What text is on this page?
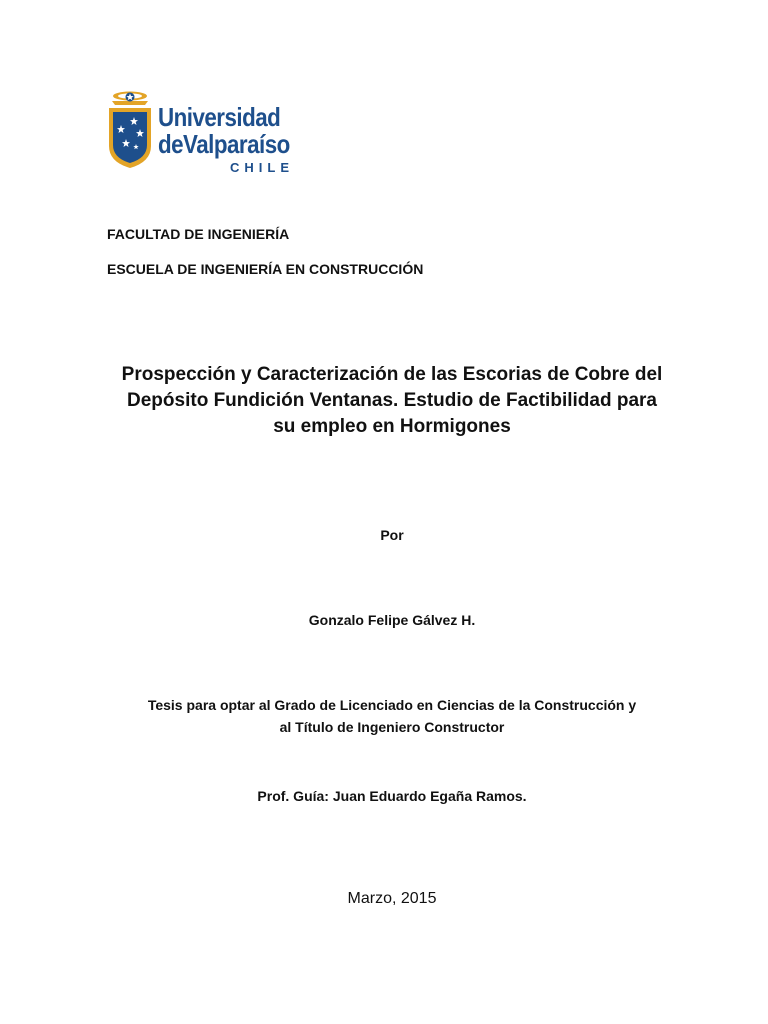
Universidad
deValparaíso
CHILE
FACULTAD DE INGENIERÍA
ESCUELA DE INGENIERÍA EN CONSTRUCCIÓN
Prospección y Caracterización de las Escorias de Cobre del
Depósito Fundición Ventanas. Estudio de Factibilidad para
su empleo en Hormigones
Por
Gonzalo Felipe Gálvez H.
Tesis para optar al Grado de Licenciado en Ciencias de la Construcción y
al Título de Ingeniero Constructor
Prof. Guía: Juan Eduardo Egaña Ramos.
Marzo, 2015
